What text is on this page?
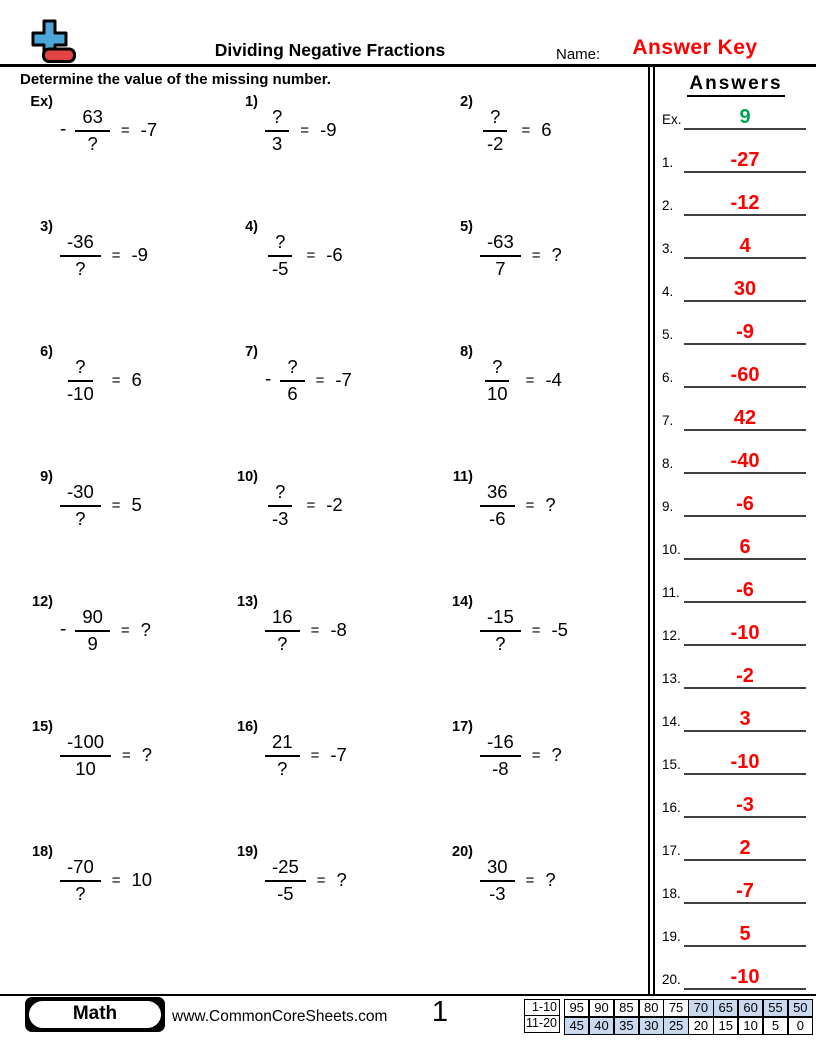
Dividing Negative Fractions	Name:	Answer Key
Determine the value of the missing number.
Ex)
- $\frac{63}{?} = -7$
1)
$\frac{?}{3} = -9$
2)
$\frac{?}{-2} = 6$
3)
$\frac{-36}{?} = -9$
4)
$\frac{?}{-5} = -6$
5)
$\frac{-63}{7}$ = ?
6)
$\frac{?}{-10} = 6$
7)
- $\frac{?}{6} = -7$
8)
$\frac{?}{10} = -4$
9)
$\frac{-30}{?} = 5$
10)
$\frac{?}{-3} = -2$
11)
$\frac{36}{-6}$ = ?
12)
- $\frac{90}{9}$ = ?
13)
$\frac{16}{?} = -8$
14)
$\frac{-15}{?} = -5$
15)
$\frac{-100}{10}$ = ?
16)
$\frac{21}{?} = -7$
17)
$\frac{-16}{-8}$ = ?
18)
$\frac{-70}{?} = 10$
19)
$\frac{-25}{-5}$ = ?
20)
$\frac{30}{-3}$ = ?
Answers
Ex.	9
1.	-27
2.	-12
3.	4
4.	30
5.	-9
6.	-60
7.	42
8.	-40
9.	-6
10.	6
11.	-6
12.	-10
13.	-2
14.	3
15.	-10
16.	-3
17.	2
18.	-7
19.	5
20.	-10
Math	www.CommonCoreSheets.com	1	1-10
11-20
95 90 85 80 75 70 65 60 55 50
45 40 35 30 25 20 15 10	5	0
